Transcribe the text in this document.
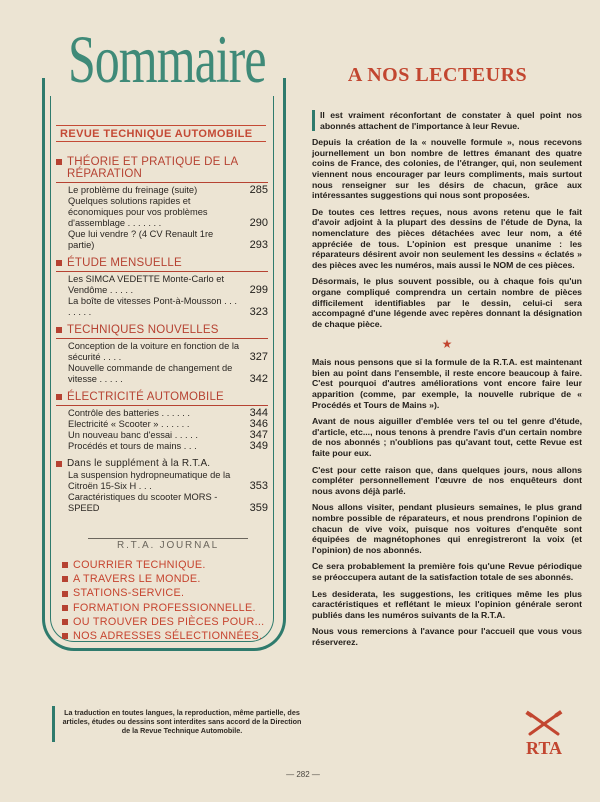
Sommaire
REVUE TECHNIQUE AUTOMOBILE
THÉORIE ET PRATIQUE DE LA RÉPARATION
Le problème du freinage (suite)	285
Quelques solutions rapides et économiques pour vos problèmes d'assemblage . . . . . . .	290
Que lui vendre ? (4 CV Renault 1re partie)	293
ÉTUDE MENSUELLE
Les SIMCA VEDETTE Monte-Carlo et Vendôme . . . . .	299
La boîte de vitesses Pont-à-Mousson . . . . . . . .	323
TECHNIQUES NOUVELLES
Conception de la voiture en fonction de la sécurité . . . .	327
Nouvelle commande de changement de vitesse . . . . .	342
ÉLECTRICITÉ AUTOMOBILE
Contrôle des batteries . . . . . .	344
Electricité « Scooter » . . . . . .	346
Un nouveau banc d'essai . . . . .	347
Procédés et tours de mains . . .	349
Dans le supplément à la R.T.A.
La suspension hydropneumatique de la Citroën 15-Six H . . .	353
Caractéristiques du scooter MORS - SPEED	359
R.T.A. JOURNAL
COURRIER TECHNIQUE.
A TRAVERS LE MONDE.
STATIONS-SERVICE.
FORMATION PROFESSIONNELLE.
OU TROUVER DES PIÈCES POUR...
NOS ADRESSES SÉLECTIONNÉES.
La traduction en toutes langues, la reproduction, même partielle, des articles, études ou dessins sont interdites sans accord de la Direction de la Revue Technique Automobile.
A NOS LECTEURS
Il est vraiment réconfortant de constater à quel point nos abonnés attachent de l'importance à leur Revue.
Depuis la création de la « nouvelle formule », nous recevons journellement un bon nombre de lettres émanant des quatre coins de France, des colonies, de l'étranger, qui, non seulement viennent nous encourager par leurs compliments, mais surtout nous renseigner sur les désirs de chacun, grâce aux intéressantes suggestions qui nous sont proposées.
De toutes ces lettres reçues, nous avons retenu que le fait d'avoir adjoint à la plupart des dessins de l'étude de Dyna, la nomenclature des pièces détachées avec leur nom, a été appréciée de tous. L'opinion est presque unanime : les réparateurs désirent avoir non seulement les dessins « éclatés » des pièces avec les numéros, mais aussi le NOM de ces pièces.
Désormais, le plus souvent possible, ou à chaque fois qu'un organe compliqué comprendra un certain nombre de pièces difficilement identifiables par le dessin, celui-ci sera accompagné d'une légende avec repères donnant la désignation de chaque pièce.
★
Mais nous pensons que si la formule de la R.T.A. est maintenant bien au point dans l'ensemble, il reste encore beaucoup à faire. C'est pourquoi d'autres améliorations vont encore faire leur apparition (comme, par exemple, la nouvelle rubrique de « Procédés et Tours de Mains »).
Avant de nous aiguiller d'emblée vers tel ou tel genre d'étude, d'article, etc..., nous tenons à prendre l'avis d'un certain nombre de nos abonnés ; n'oublions pas qu'avant tout, cette Revue est faite pour eux.
C'est pour cette raison que, dans quelques jours, nous allons compléter personnellement l'œuvre de nos enquêteurs dont nous avons déjà parlé.
Nous allons visiter, pendant plusieurs semaines, le plus grand nombre possible de réparateurs, et nous prendrons l'opinion de chacun de vive voix, puisque nos voitures d'enquête sont équipées de magnétophones qui enregistreront la voix (et l'opinion) de nos abonnés.
Ce sera probablement la première fois qu'une Revue périodique se préoccupera autant de la satisfaction totale de ses abonnés.
Les desiderata, les suggestions, les critiques même les plus caractéristiques et reflétant le mieux l'opinion générale seront publiés dans les numéros suivants de la R.T.A.
Nous vous remercions à l'avance pour l'accueil que vous vous réserverez.
RTA
— 282 —
